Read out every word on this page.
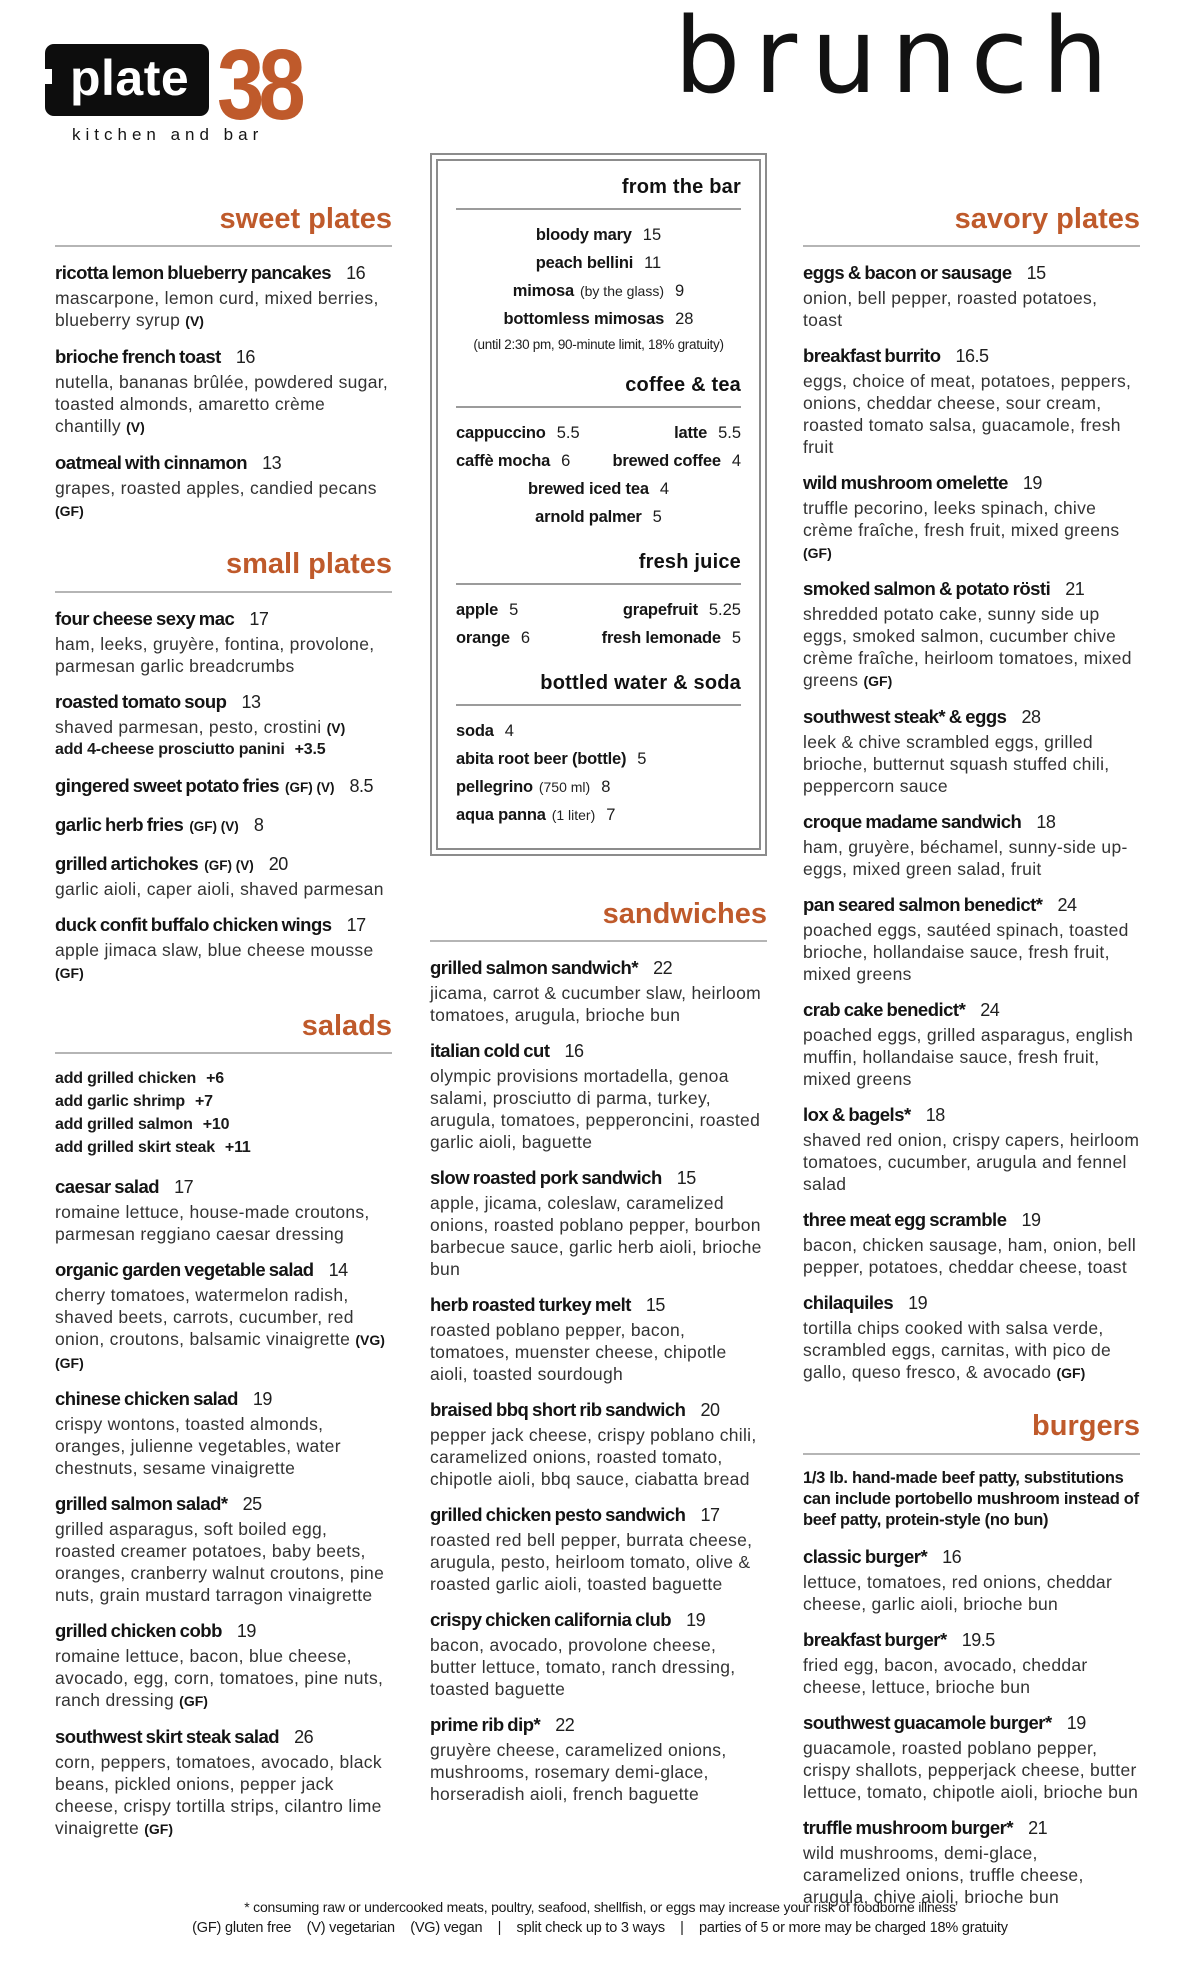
plate 38
kitchen and bar
brunch
sweet plates
ricotta lemon blueberry pancakes 16
mascarpone, lemon curd, mixed berries, blueberry syrup (V)
brioche french toast 16
nutella, bananas brûlée, powdered sugar, toasted almonds, amaretto crème chantilly (V)
oatmeal with cinnamon 13
grapes, roasted apples, candied pecans (GF)
small plates
four cheese sexy mac 17
ham, leeks, gruyère, fontina, provolone, parmesan garlic breadcrumbs
roasted tomato soup 13
shaved parmesan, pesto, crostini (V)
add 4-cheese prosciutto panini +3.5
gingered sweet potato fries (GF) (V) 8.5
garlic herb fries (GF) (V) 8
grilled artichokes (GF) (V) 20
garlic aioli, caper aioli, shaved parmesan
duck confit buffalo chicken wings 17
apple jimaca slaw, blue cheese mousse (GF)
salads
add grilled chicken +6
add garlic shrimp +7
add grilled salmon +10
add grilled skirt steak +11
caesar salad 17
romaine lettuce, house-made croutons, parmesan reggiano caesar dressing
organic garden vegetable salad 14
cherry tomatoes, watermelon radish, shaved beets, carrots, cucumber, red onion, croutons, balsamic vinaigrette (VG) (GF)
chinese chicken salad 19
crispy wontons, toasted almonds, oranges, julienne vegetables, water chestnuts, sesame vinaigrette
grilled salmon salad* 25
grilled asparagus, soft boiled egg, roasted creamer potatoes, baby beets, oranges, cranberry walnut croutons, pine nuts, grain mustard tarragon vinaigrette
grilled chicken cobb 19
romaine lettuce, bacon, blue cheese, avocado, egg, corn, tomatoes, pine nuts, ranch dressing (GF)
southwest skirt steak salad 26
corn, peppers, tomatoes, avocado, black beans, pickled onions, pepper jack cheese, crispy tortilla strips, cilantro lime vinaigrette (GF)
from the bar
bloody mary 15
peach bellini 11
mimosa (by the glass) 9
bottomless mimosas 28
(until 2:30 pm, 90-minute limit, 18% gratuity)
coffee & tea
cappuccino 5.5	latte 5.5
caffè mocha 6	brewed coffee 4
brewed iced tea 4
arnold palmer 5
fresh juice
apple 5	grapefruit 5.25
orange 6	fresh lemonade 5
bottled water & soda
soda 4
abita root beer (bottle) 5
pellegrino (750 ml) 8
aqua panna (1 liter) 7
sandwiches
grilled salmon sandwich* 22
jicama, carrot & cucumber slaw, heirloom tomatoes, arugula, brioche bun
italian cold cut 16
olympic provisions mortadella, genoa salami, prosciutto di parma, turkey, arugula, tomatoes, pepperoncini, roasted garlic aioli, baguette
slow roasted pork sandwich 15
apple, jicama, coleslaw, caramelized onions, roasted poblano pepper, bourbon barbecue sauce, garlic herb aioli, brioche bun
herb roasted turkey melt 15
roasted poblano pepper, bacon, tomatoes, muenster cheese, chipotle aioli, toasted sourdough
braised bbq short rib sandwich 20
pepper jack cheese, crispy poblano chili, caramelized onions, roasted tomato, chipotle aioli, bbq sauce, ciabatta bread
grilled chicken pesto sandwich 17
roasted red bell pepper, burrata cheese, arugula, pesto, heirloom tomato, olive & roasted garlic aioli, toasted baguette
crispy chicken california club 19
bacon, avocado, provolone cheese, butter lettuce, tomato, ranch dressing, toasted baguette
prime rib dip* 22
gruyère cheese, caramelized onions, mushrooms, rosemary demi-glace, horseradish aioli, french baguette
savory plates
eggs & bacon or sausage 15
onion, bell pepper, roasted potatoes, toast
breakfast burrito 16.5
eggs, choice of meat, potatoes, peppers, onions, cheddar cheese, sour cream, roasted tomato salsa, guacamole, fresh fruit
wild mushroom omelette 19
truffle pecorino, leeks spinach, chive crème fraîche, fresh fruit, mixed greens (GF)
smoked salmon & potato rösti 21
shredded potato cake, sunny side up eggs, smoked salmon, cucumber chive crème fraîche, heirloom tomatoes, mixed greens (GF)
southwest steak* & eggs 28
leek & chive scrambled eggs, grilled brioche, butternut squash stuffed chili, peppercorn sauce
croque madame sandwich 18
ham, gruyère, béchamel, sunny-side up-eggs, mixed green salad, fruit
pan seared salmon benedict* 24
poached eggs, sautéed spinach, toasted brioche, hollandaise sauce, fresh fruit, mixed greens
crab cake benedict* 24
poached eggs, grilled asparagus, english muffin, hollandaise sauce, fresh fruit, mixed greens
lox & bagels* 18
shaved red onion, crispy capers, heirloom tomatoes, cucumber, arugula and fennel salad
three meat egg scramble 19
bacon, chicken sausage, ham, onion, bell pepper, potatoes, cheddar cheese, toast
chilaquiles 19
tortilla chips cooked with salsa verde, scrambled eggs, carnitas, with pico de gallo, queso fresco, & avocado (GF)
burgers
1/3 lb. hand-made beef patty, substitutions can include portobello mushroom instead of beef patty, protein-style (no bun)
classic burger* 16
lettuce, tomatoes, red onions, cheddar cheese, garlic aioli, brioche bun
breakfast burger* 19.5
fried egg, bacon, avocado, cheddar cheese, lettuce, brioche bun
southwest guacamole burger* 19
guacamole, roasted poblano pepper, crispy shallots, pepperjack cheese, butter lettuce, tomato, chipotle aioli, brioche bun
truffle mushroom burger* 21
wild mushrooms, demi-glace, caramelized onions, truffle cheese, arugula, chive aioli, brioche bun
* consuming raw or undercooked meats, poultry, seafood, shellfish, or eggs may increase your risk of foodborne illness
(GF) gluten free    (V) vegetarian    (VG) vegan    |    split check up to 3 ways    |    parties of 5 or more may be charged 18% gratuity
